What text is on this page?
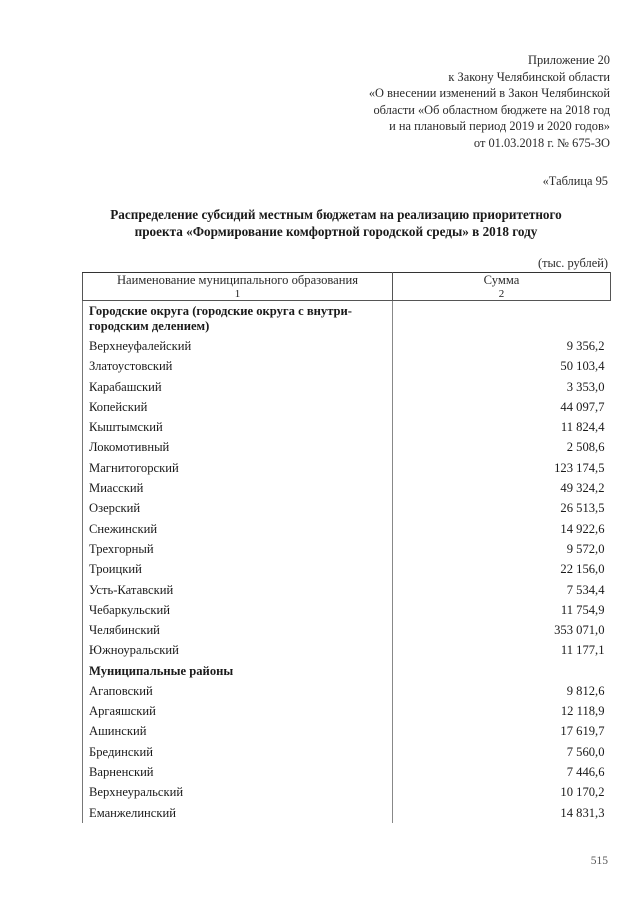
Приложение 20
к Закону Челябинской области
«О внесении изменений в Закон Челябинской
области «Об областном бюджете на 2018 год
и на плановый период 2019 и 2020 годов»
от 01.03.2018 г. № 675-ЗО
«Таблица 95
Распределение субсидий местным бюджетам на реализацию приоритетного
проекта «Формирование комфортной городской среды» в 2018 году
(тыс. рублей)
Наименование муниципального образования	Сумма
1	2
Городские округа (городские округа с внутри-городским делением)	
Верхнеуфалейский	9 356,2
Златоустовский	50 103,4
Карабашский	3 353,0
Копейский	44 097,7
Кыштымский	11 824,4
Локомотивный	2 508,6
Магнитогорский	123 174,5
Миасский	49 324,2
Озерский	26 513,5
Снежинский	14 922,6
Трехгорный	9 572,0
Троицкий	22 156,0
Усть-Катавский	7 534,4
Чебаркульский	11 754,9
Челябинский	353 071,0
Южноуральский	11 177,1
Муниципальные районы	
Агаповский	9 812,6
Аргаяшский	12 118,9
Ашинский	17 619,7
Брединский	7 560,0
Варненский	7 446,6
Верхнеуральский	10 170,2
Еманжелинский	14 831,3
515
